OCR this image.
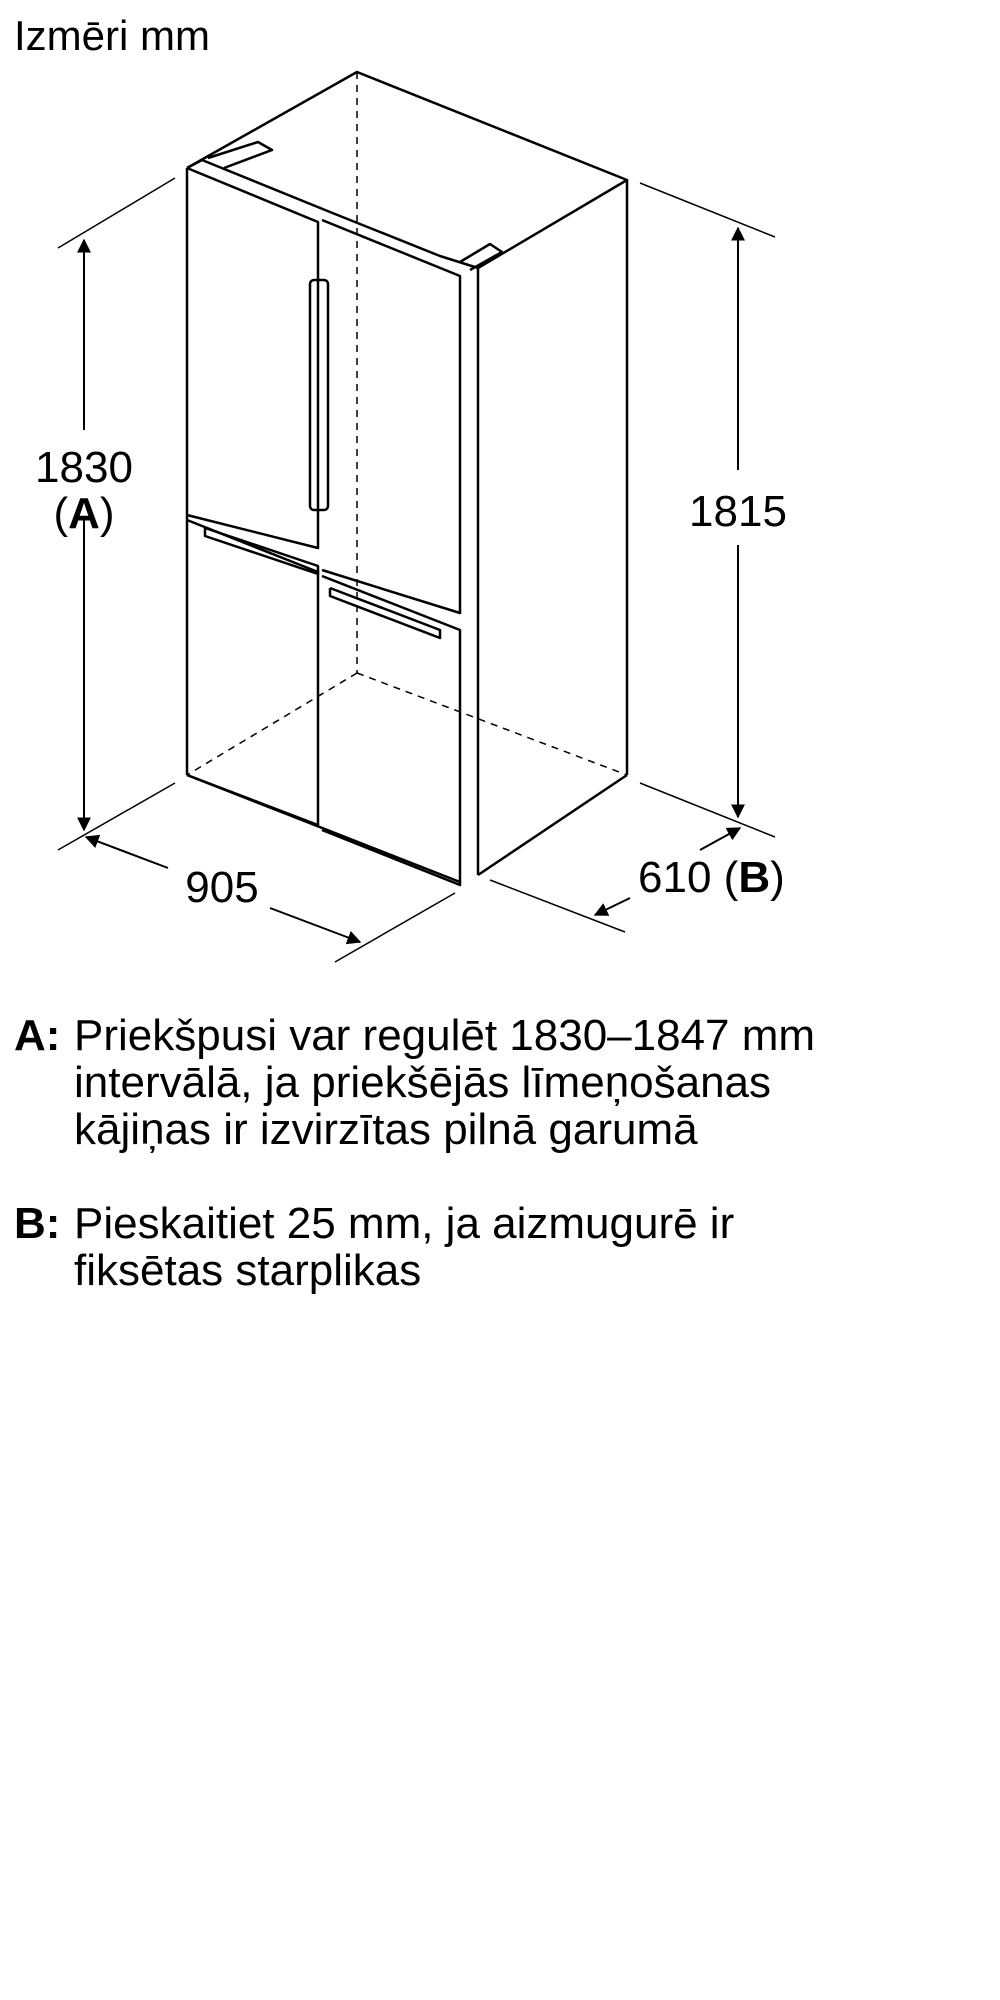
Izmēri mm
1830
(A)	1815
905	610 (B)
A: Priekšpusi var regulēt 1830–1847 mm
intervālā, ja priekšējās līmeņošanas
kājiņas ir izvirzītas pilnā garumā
B: Pieskaitiet 25 mm, ja aizmugurē ir
fiksētas starplikas
